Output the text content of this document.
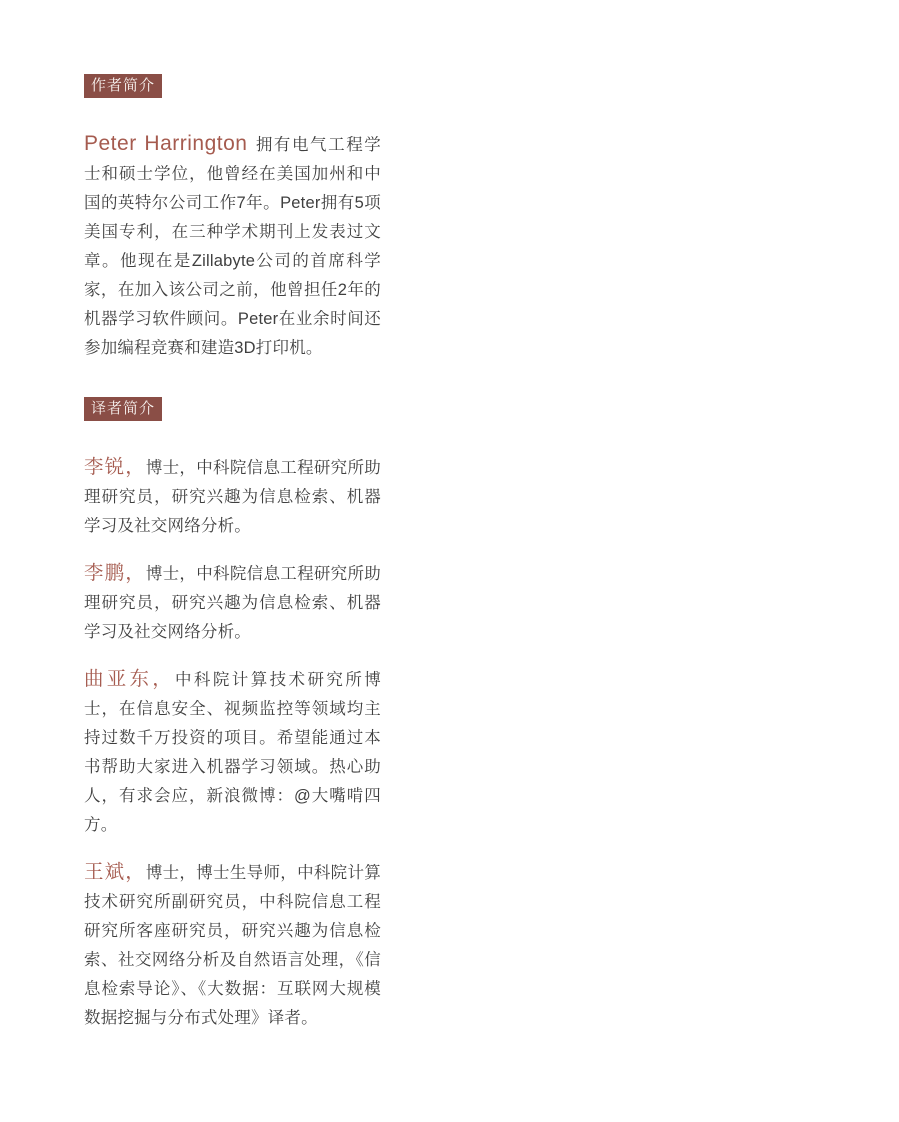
作者简介

Peter Harrington 拥有电气工程学士和硕士学位，他曾经在美国加州和中国的英特尔公司工作7年。Peter拥有5项美国专利，在三种学术期刊上发表过文章。他现在是Zillabyte公司的首席科学家，在加入该公司之前，他曾担任2年的机器学习软件顾问。Peter在业余时间还参加编程竞赛和建造3D打印机。

译者简介

李锐，博士，中科院信息工程研究所助理研究员，研究兴趣为信息检索、机器学习及社交网络分析。

李鹏，博士，中科院信息工程研究所助理研究员，研究兴趣为信息检索、机器学习及社交网络分析。

曲亚东，中科院计算技术研究所博士，在信息安全、视频监控等领域均主持过数千万投资的项目。希望能通过本书帮助大家进入机器学习领域。热心助人，有求会应，新浪微博：@大嘴啃四方。

王斌，博士，博士生导师，中科院计算技术研究所副研究员，中科院信息工程研究所客座研究员，研究兴趣为信息检索、社交网络分析及自然语言处理，《信息检索导论》、《大数据：互联网大规模数据挖掘与分布式处理》译者。
